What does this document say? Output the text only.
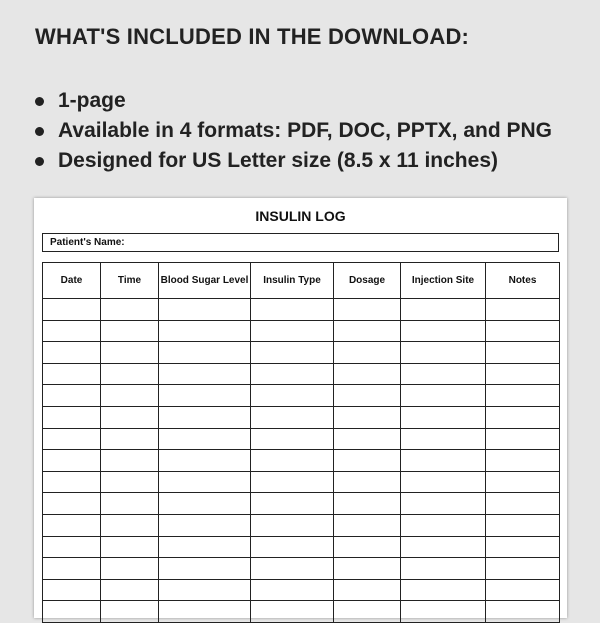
WHAT'S INCLUDED IN THE DOWNLOAD:
1-page
Available in 4 formats: PDF, DOC, PPTX, and PNG
Designed for US Letter size (8.5 x 11 inches)
INSULIN LOG
Patient's Name:
Date	Time	Blood Sugar Level	Insulin Type	Dosage	Injection Site	Notes
